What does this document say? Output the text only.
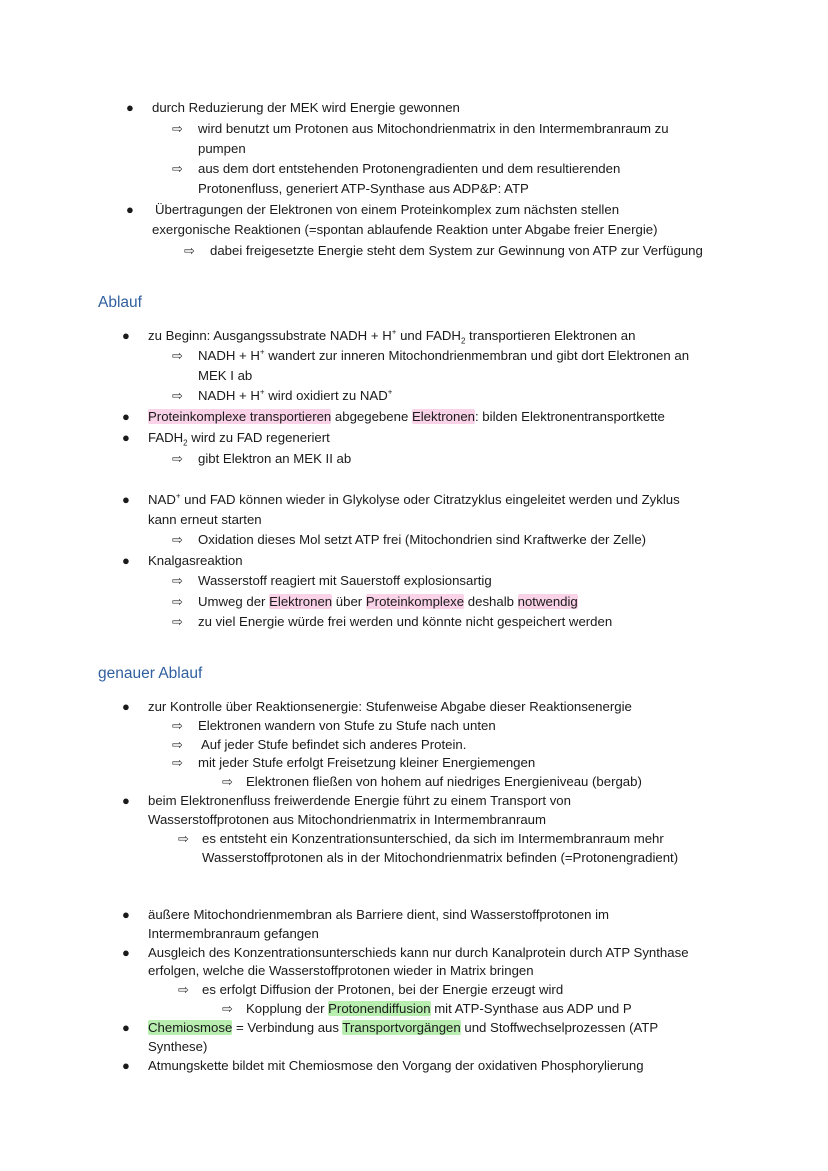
● durch Reduzierung der MEK wird Energie gewonnen
⇨ wird benutzt um Protonen aus Mitochondrienmatrix in den Intermembranraum zu
pumpen
⇨ aus dem dort entstehenden Protonengradienten und dem resultierenden
Protonenfluss, generiert ATP-Synthase aus ADP&P: ATP
● Übertragungen der Elektronen von einem Proteinkomplex zum nächsten stellen
exergonische Reaktionen (=spontan ablaufende Reaktion unter Abgabe freier Energie)
⇨ dabei freigesetzte Energie steht dem System zur Gewinnung von ATP zur Verfügung
Ablauf
● zu Beginn: Ausgangssubstrate NADH + H+ und $FADH_2$ transportieren Elektronen an
⇨ NADH + H+ wandert zur inneren Mitochondrienmembran und gibt dort Elektronen an
MEK I ab
⇨ NADH + H+ wird oxidiert zu NAD+
● Proteinkomplexe transportieren abgegebene Elektronen: bilden Elektronentransportkette
● $FADH_2$ wird zu FAD regeneriert
⇨ gibt Elektron an MEK II ab
● NAD+ und FAD können wieder in Glykolyse oder Citratzyklus eingeleitet werden und Zyklus
kann erneut starten
⇨ Oxidation dieses Mol setzt ATP frei (Mitochondrien sind Kraftwerke der Zelle)
● Knalgasreaktion
⇨ Wasserstoff reagiert mit Sauerstoff explosionsartig
⇨ Umweg der Elektronen über Proteinkomplexe deshalb notwendig
⇨ zu viel Energie würde frei werden und könnte nicht gespeichert werden
genauer Ablauf
● zur Kontrolle über Reaktionsenergie: Stufenweise Abgabe dieser Reaktionsenergie
⇨ Elektronen wandern von Stufe zu Stufe nach unten
⇨ Auf jeder Stufe befindet sich anderes Protein.
⇨ mit jeder Stufe erfolgt Freisetzung kleiner Energiemengen
⇨ Elektronen fließen von hohem auf niedriges Energieniveau (bergab)
● beim Elektronenfluss freiwerdende Energie führt zu einem Transport von
Wasserstoffprotonen aus Mitochondrienmatrix in Intermembranraum
⇨ es entsteht ein Konzentrationsunterschied, da sich im Intermembranraum mehr
Wasserstoffprotonen als in der Mitochondrienmatrix befinden (=Protonengradient)
● äußere Mitochondrienmembran als Barriere dient, sind Wasserstoffprotonen im
Intermembranraum gefangen
● Ausgleich des Konzentrationsunterschieds kann nur durch Kanalprotein durch ATP Synthase
erfolgen, welche die Wasserstoffprotonen wieder in Matrix bringen
⇨ es erfolgt Diffusion der Protonen, bei der Energie erzeugt wird
⇨ Kopplung der Protonendiffusion mit ATP-Synthase aus ADP und P
● Chemiosmose = Verbindung aus Transportvorgängen und Stoffwechselprozessen (ATP
Synthese)
● Atmungskette bildet mit Chemiosmose den Vorgang der oxidativen Phosphorylierung
